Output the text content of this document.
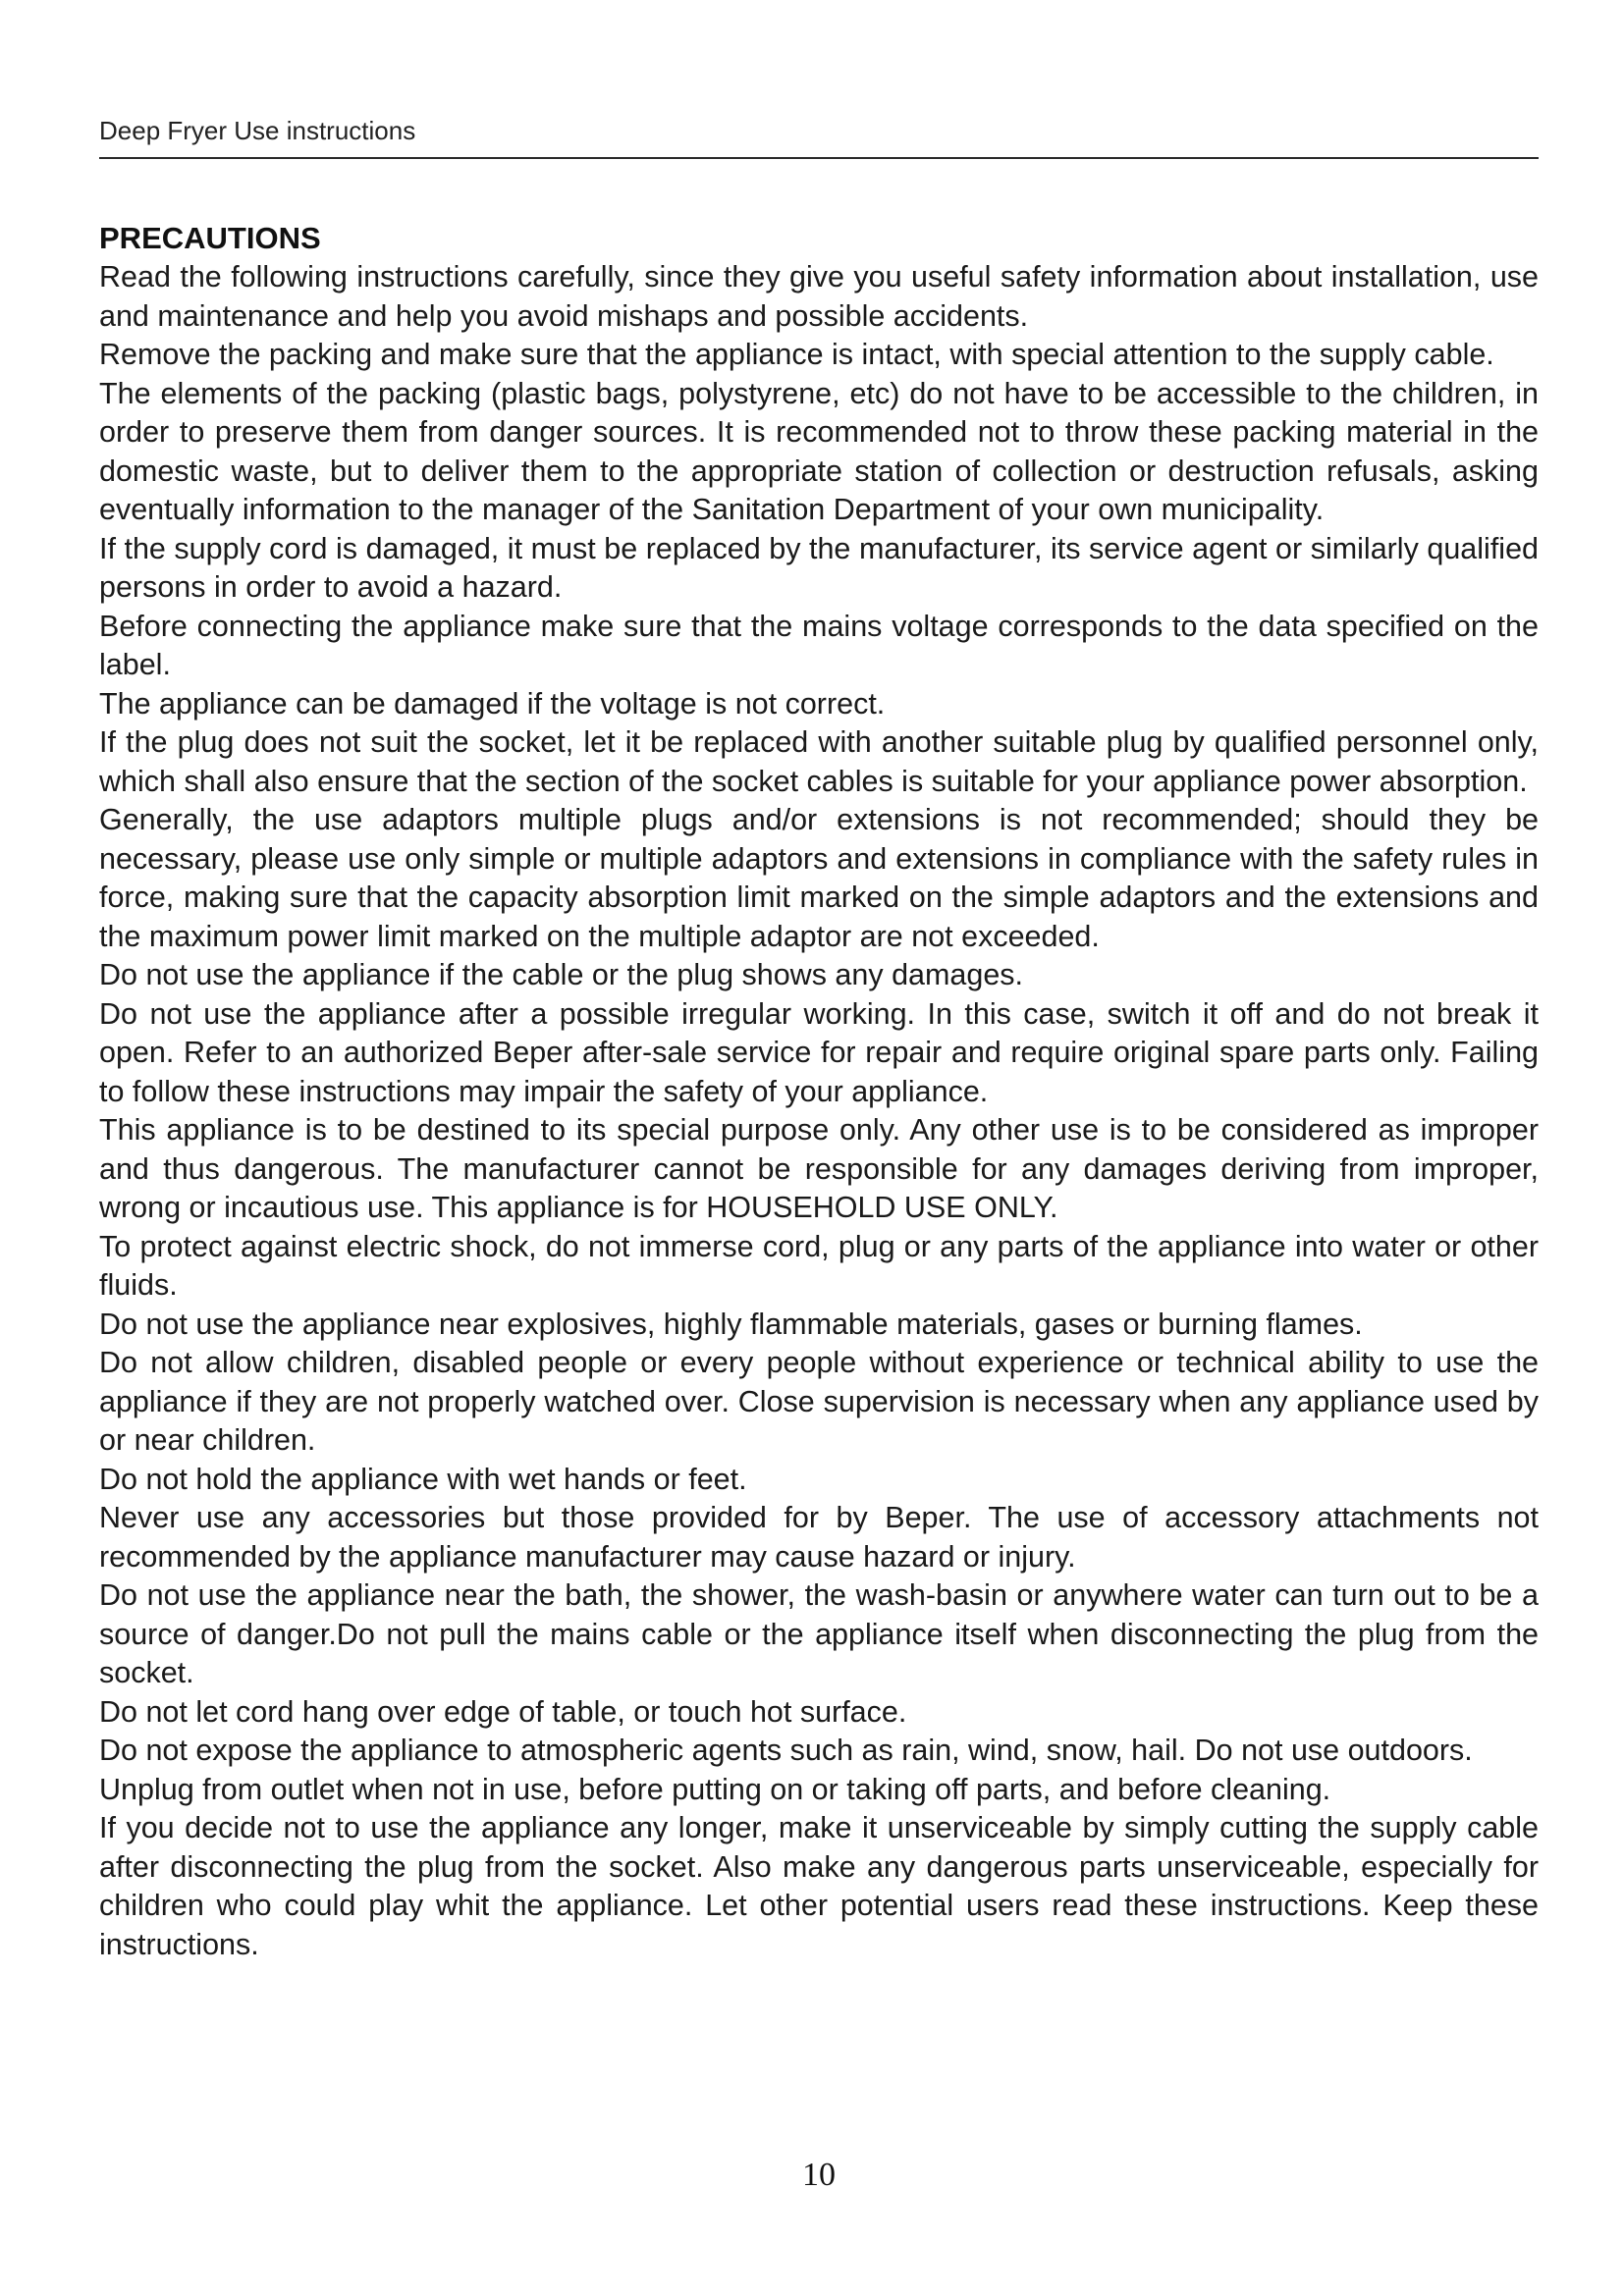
Deep Fryer Use instructions
PRECAUTIONS

Read the following instructions carefully, since they give you useful safety information about installation, use and maintenance and help you avoid mishaps and possible accidents.

Remove the packing and make sure that the appliance is intact, with special attention to the supply cable.

The elements of the packing (plastic bags, polystyrene, etc) do not have to be accessible to the children, in order to preserve them from danger sources. It is recommended not to throw these packing material in the domestic waste, but to deliver them to the appropriate station of collection or destruction refusals, asking eventually information to the manager of the Sanitation Department of your own municipality.

If the supply cord is damaged, it must be replaced by the manufacturer, its service agent or similarly qualified persons in order to avoid a hazard.

Before connecting the appliance make sure that the mains voltage corresponds to the data specified on the label.

The appliance can be damaged if the voltage is not correct.

If the plug does not suit the socket, let it be replaced with another suitable plug by qualified personnel only, which shall also ensure that the section of the socket cables is suitable for your appliance power absorption.

Generally, the use adaptors multiple plugs and/or extensions is not recommended; should they be necessary, please use only simple or multiple adaptors and extensions in compliance with the safety rules in force, making sure that the capacity absorption limit marked on the simple adaptors and the extensions and the maximum power limit marked on the multiple adaptor are not exceeded.

Do not use the appliance if the cable or the plug shows any damages.

Do not use the appliance after a possible irregular working. In this case, switch it off and do not break it open. Refer to an authorized Beper after-sale service for repair and require original spare parts only. Failing to follow these instructions may impair the safety of your appliance.

This appliance is to be destined to its special purpose only. Any other use is to be considered as improper and thus dangerous. The manufacturer cannot be responsible for any damages deriving from improper, wrong or incautious use. This appliance is for HOUSEHOLD USE ONLY.

To protect against electric shock, do not immerse cord, plug or any parts of the appliance into water or other fluids.

Do not use the appliance near explosives, highly flammable materials, gases or burning flames.

Do not allow children, disabled people or every people without experience or technical ability to use the appliance if they are not properly watched over. Close supervision is necessary when any appliance used by or near children.

Do not hold the appliance with wet hands or feet.

Never use any accessories but those provided for by Beper. The use of accessory attachments not recommended by the appliance manufacturer may cause hazard or injury.

Do not use the appliance near the bath, the shower, the wash-basin or anywhere water can turn out to be a source of danger.Do not pull the mains cable or the appliance itself when disconnecting the plug from the socket.

Do not let cord hang over edge of table, or touch hot surface.

Do not expose the appliance to atmospheric agents such as rain, wind, snow, hail. Do not use outdoors.

Unplug from outlet when not in use, before putting on or taking off parts, and before cleaning.

If you decide not to use the appliance any longer, make it unserviceable by simply cutting the supply cable after disconnecting the plug from the socket. Also make any dangerous parts unserviceable, especially for children who could play whit the appliance. Let other potential users read these instructions. Keep these instructions.

10
